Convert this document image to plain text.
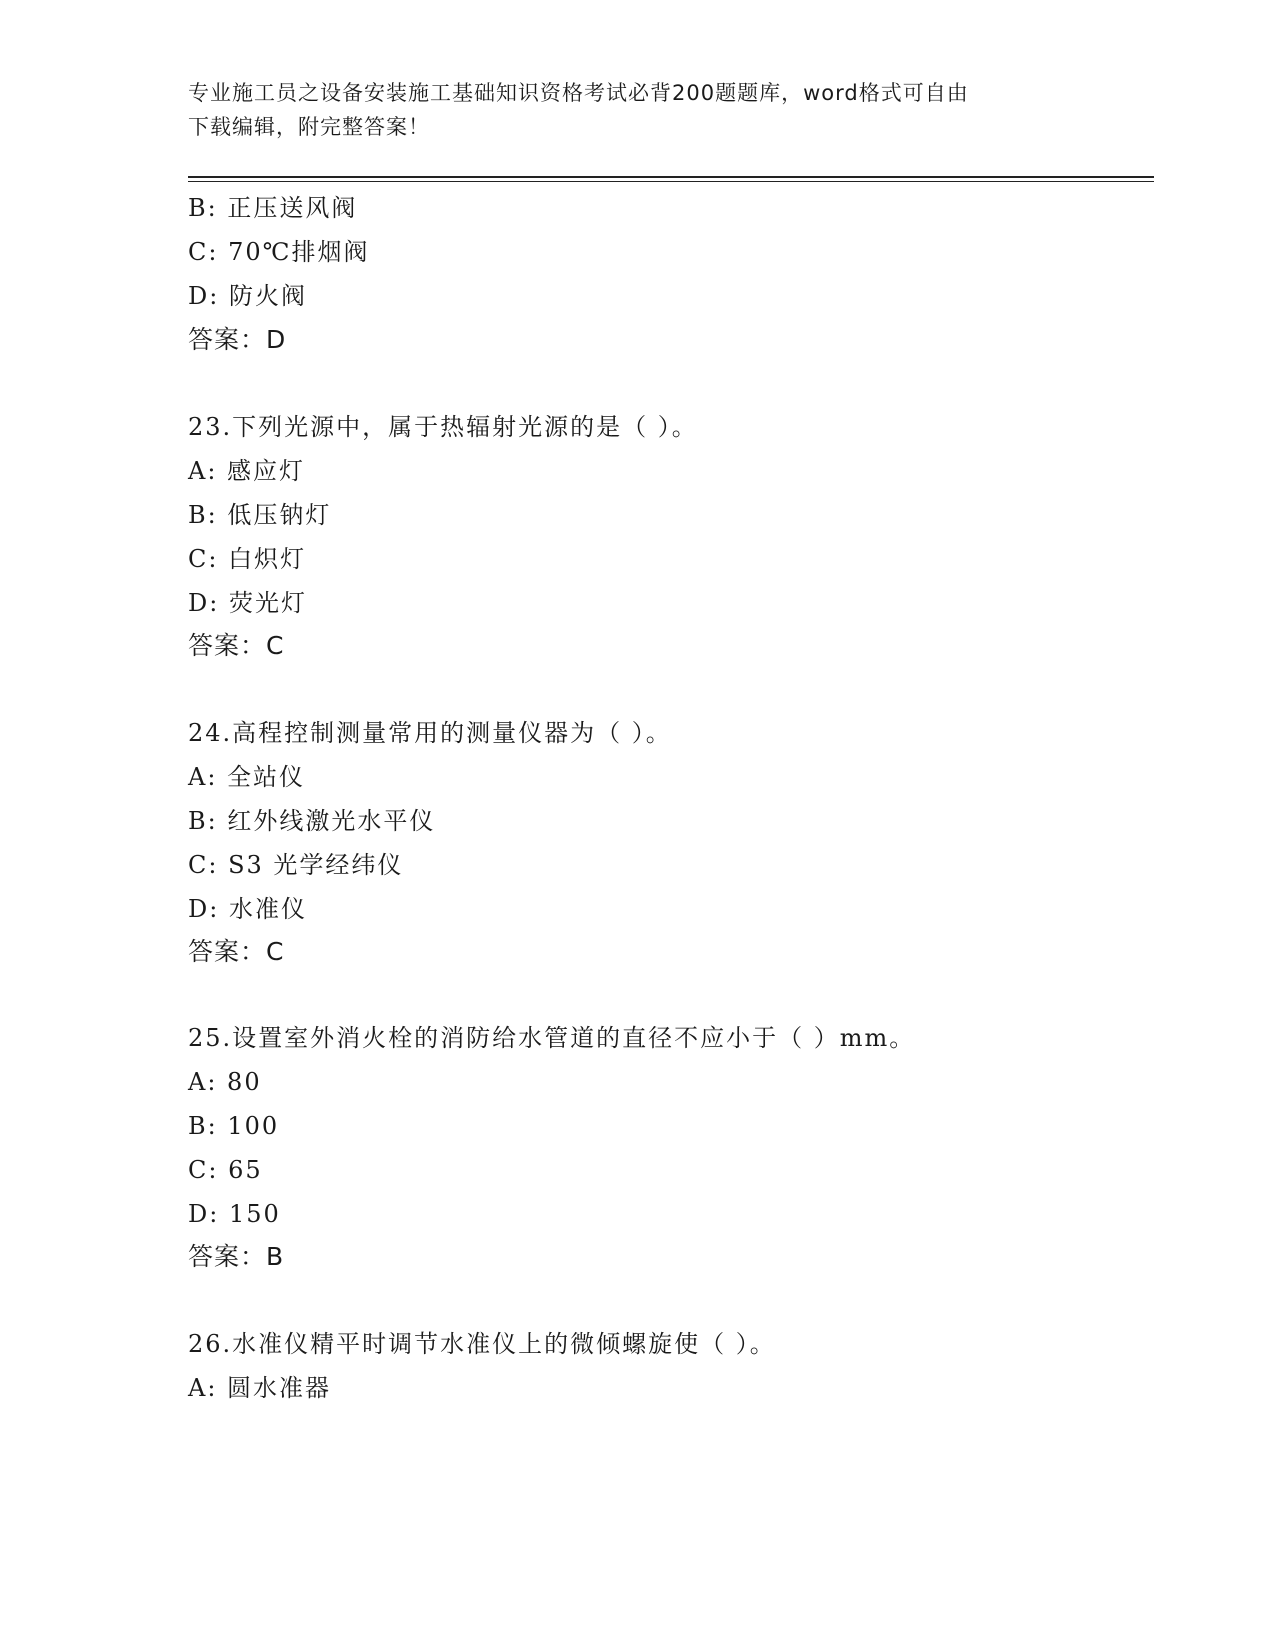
专业施工员之设备安装施工基础知识资格考试必背200题题库，word格式可自由
下载编辑，附完整答案！
B: 正压送风阀
C: 70℃排烟阀
D: 防火阀
答案：D
23.下列光源中，属于热辐射光源的是（ ）。
A: 感应灯
B: 低压钠灯
C: 白炽灯
D: 荧光灯
答案：C
24.高程控制测量常用的测量仪器为（ ）。
A: 全站仪
B: 红外线激光水平仪
C: S3 光学经纬仪
D: 水准仪
答案：C
25.设置室外消火栓的消防给水管道的直径不应小于（ ）mm。
A: 80
B: 100
C: 65
D: 150
答案：B
26.水准仪精平时调节水准仪上的微倾螺旋使（ ）。
A: 圆水准器
